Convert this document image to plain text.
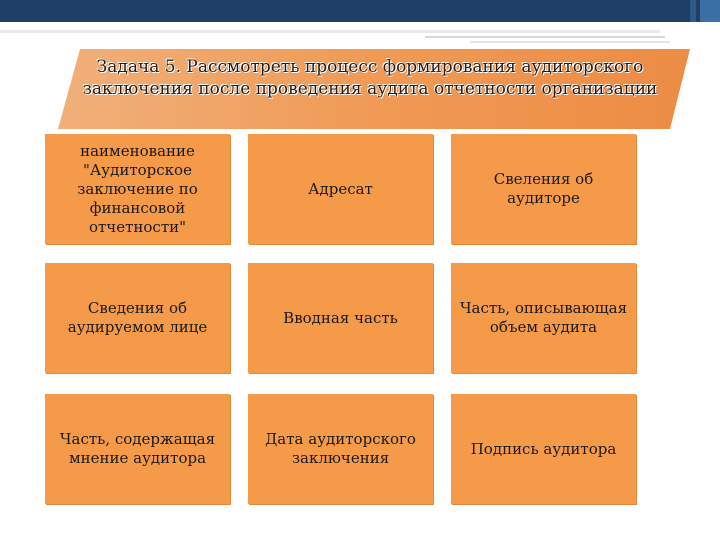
Задача 5. Рассмотреть процесс формирования аудиторского заключения после проведения аудита отчетности организации
наименование "Аудиторское заключение по финансовой отчетности"
Адресат
Свеления об аудиторе
Сведения об аудируемом лице
Вводная часть
Часть, описывающая объем аудита
Часть, содержащая мнение аудитора
Дата аудиторского заключения
Подпись аудитора
